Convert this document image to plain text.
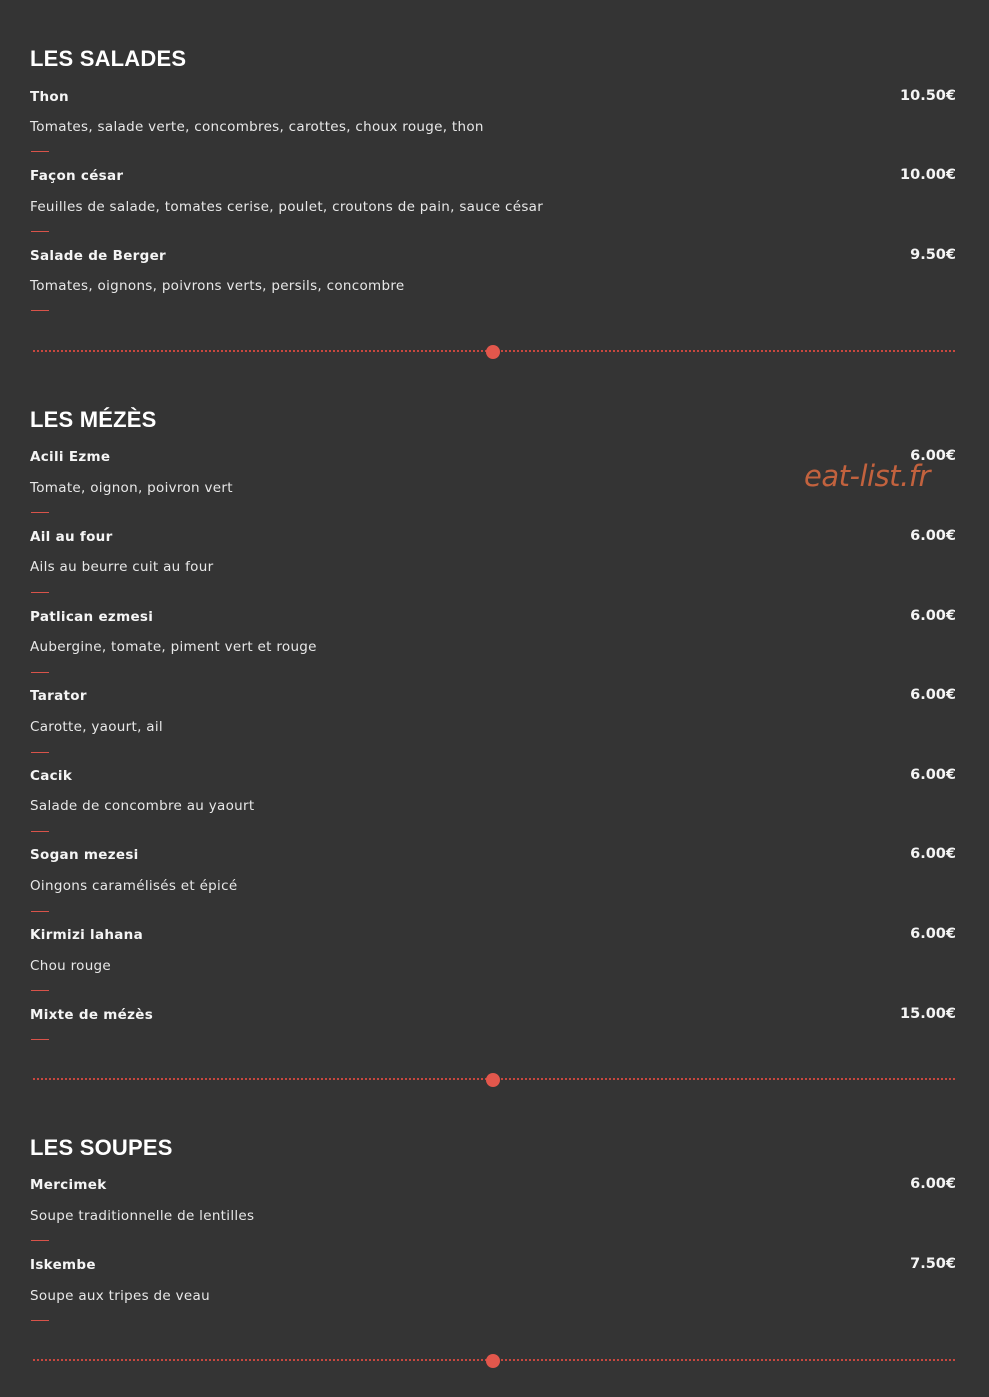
LES SALADES
Thon	10.50€
Tomates, salade verte, concombres, carottes, choux rouge, thon
Façon césar	10.00€
Feuilles de salade, tomates cerise, poulet, croutons de pain, sauce césar
Salade de Berger	9.50€
Tomates, oignons, poivrons verts, persils, concombre
LES MÉZÈS
Acili Ezme	6.00€
Tomate, oignon, poivron vert
Ail au four	6.00€
Ails au beurre cuit au four
Patlican ezmesi	6.00€
Aubergine, tomate, piment vert et rouge
Tarator	6.00€
Carotte, yaourt, ail
Cacik	6.00€
Salade de concombre au yaourt
Sogan mezesi	6.00€
Oingons caramélisés et épicé
Kirmizi lahana	6.00€
Chou rouge
Mixte de mézès	15.00€
LES SOUPES
Mercimek	6.00€
Soupe traditionnelle de lentilles
Iskembe	7.50€
Soupe aux tripes de veau
eat-list.fr
